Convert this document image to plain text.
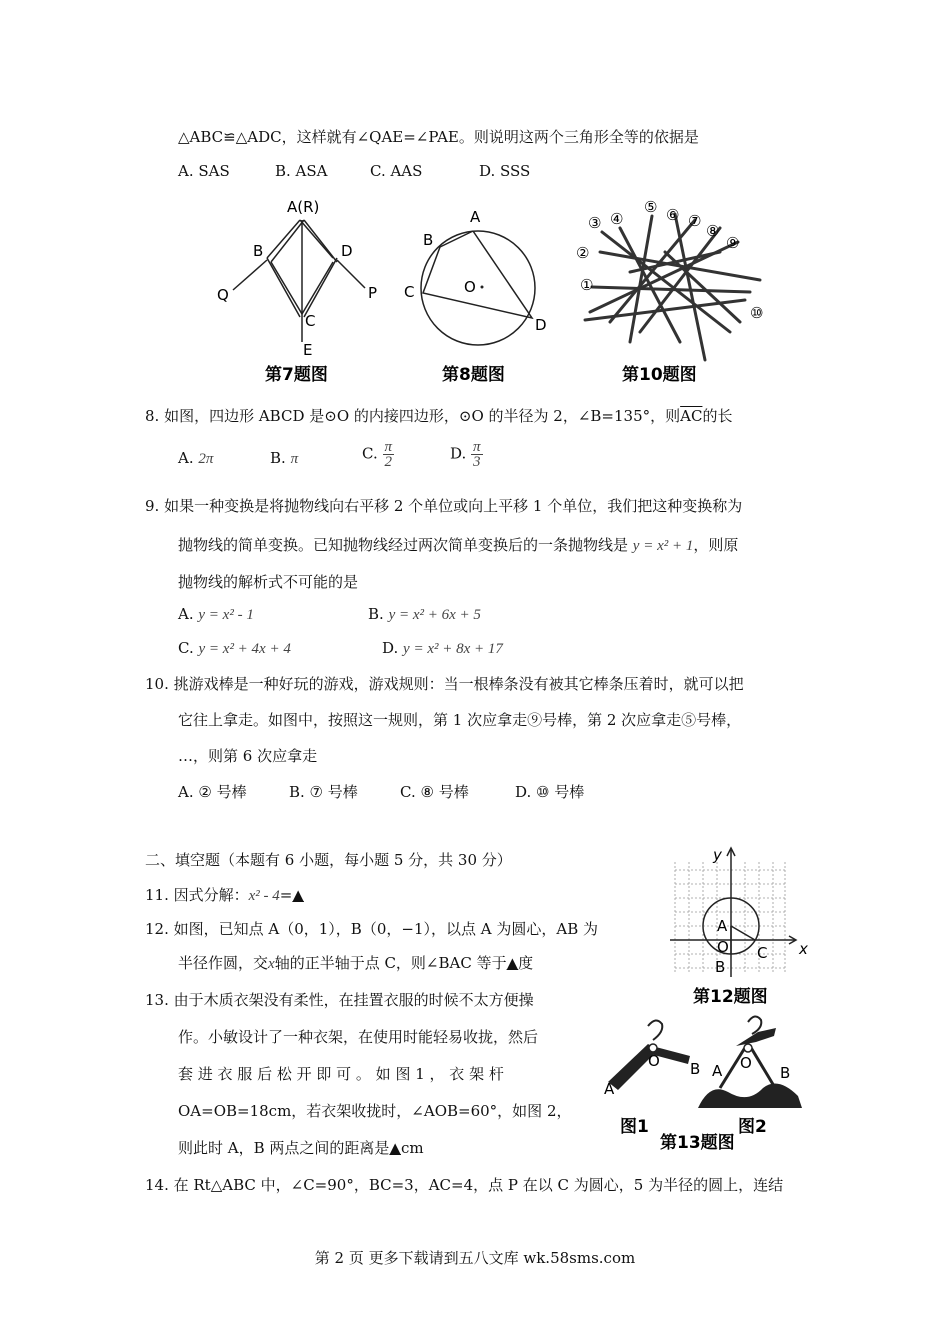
△ABC≌△ADC，这样就有∠QAE=∠PAE。则说明这两个三角形全等的依据是
A. SAS	B. ASA	C. AAS	D. SSS
A(R)
B	D
Q	P
C
E
第7题图
A
B
C	O
D
第8题图
③ ④
⑤ ⑥ ⑦
⑧
⑨
②
①
⑩
第10题图
8. 如图，四边形 ABCD 是⊙O 的内接四边形，⊙O 的半径为 2，∠B=135°，则$\overline{AC}$的长
A. 2π	B. π	C. $\frac{\pi}{2}$	D. $\frac{\pi}{3}$
9. 如果一种变换是将抛物线向右平移 2 个单位或向上平移 1 个单位，我们把这种变换称为
抛物线的简单变换。已知抛物线经过两次简单变换后的一条抛物线是 y = x² + 1，则原
抛物线的解析式不可能的是
A. y = x² - 1	B. y = x² + 6x + 5
C. y = x² + 4x + 4	D. y = x² + 8x + 17
10. 挑游戏棒是一种好玩的游戏，游戏规则：当一根棒条没有被其它棒条压着时，就可以把
它往上拿走。如图中，按照这一规则，第 1 次应拿走⑨号棒，第 2 次应拿走⑤号棒，
…，则第 6 次应拿走
A. ② 号棒	B. ⑦ 号棒	C. ⑧ 号棒	D. ⑩ 号棒
二、填空题（本题有 6 小题，每小题 5 分，共 30 分）
11. 因式分解：x² - 4=▲
12. 如图，已知点 A（0，1），B（0，−1），以点 A 为圆心，AB 为
半径作圆，交x轴的正半轴于点 C，则∠BAC 等于▲度
y
x
A
O C
B
第12题图
13. 由于木质衣架没有柔性，在挂置衣服的时候不太方便操
作。小敏设计了一种衣架，在使用时能轻易收拢，然后
套 进 衣 服 后 松 开 即 可 。 如 图 1 ， 衣 架 杆
OA=OB=18cm，若衣架收拢时，∠AOB=60°，如图 2，
则此时 A，B 两点之间的距离是▲cm
O
A
B
图1
O
A	B
图2
第13题图
14. 在 Rt△ABC 中，∠C=90°，BC=3，AC=4，点 P 在以 C 为圆心，5 为半径的圆上，连结
第 2 页 更多下载请到五八文库 wk.58sms.com
